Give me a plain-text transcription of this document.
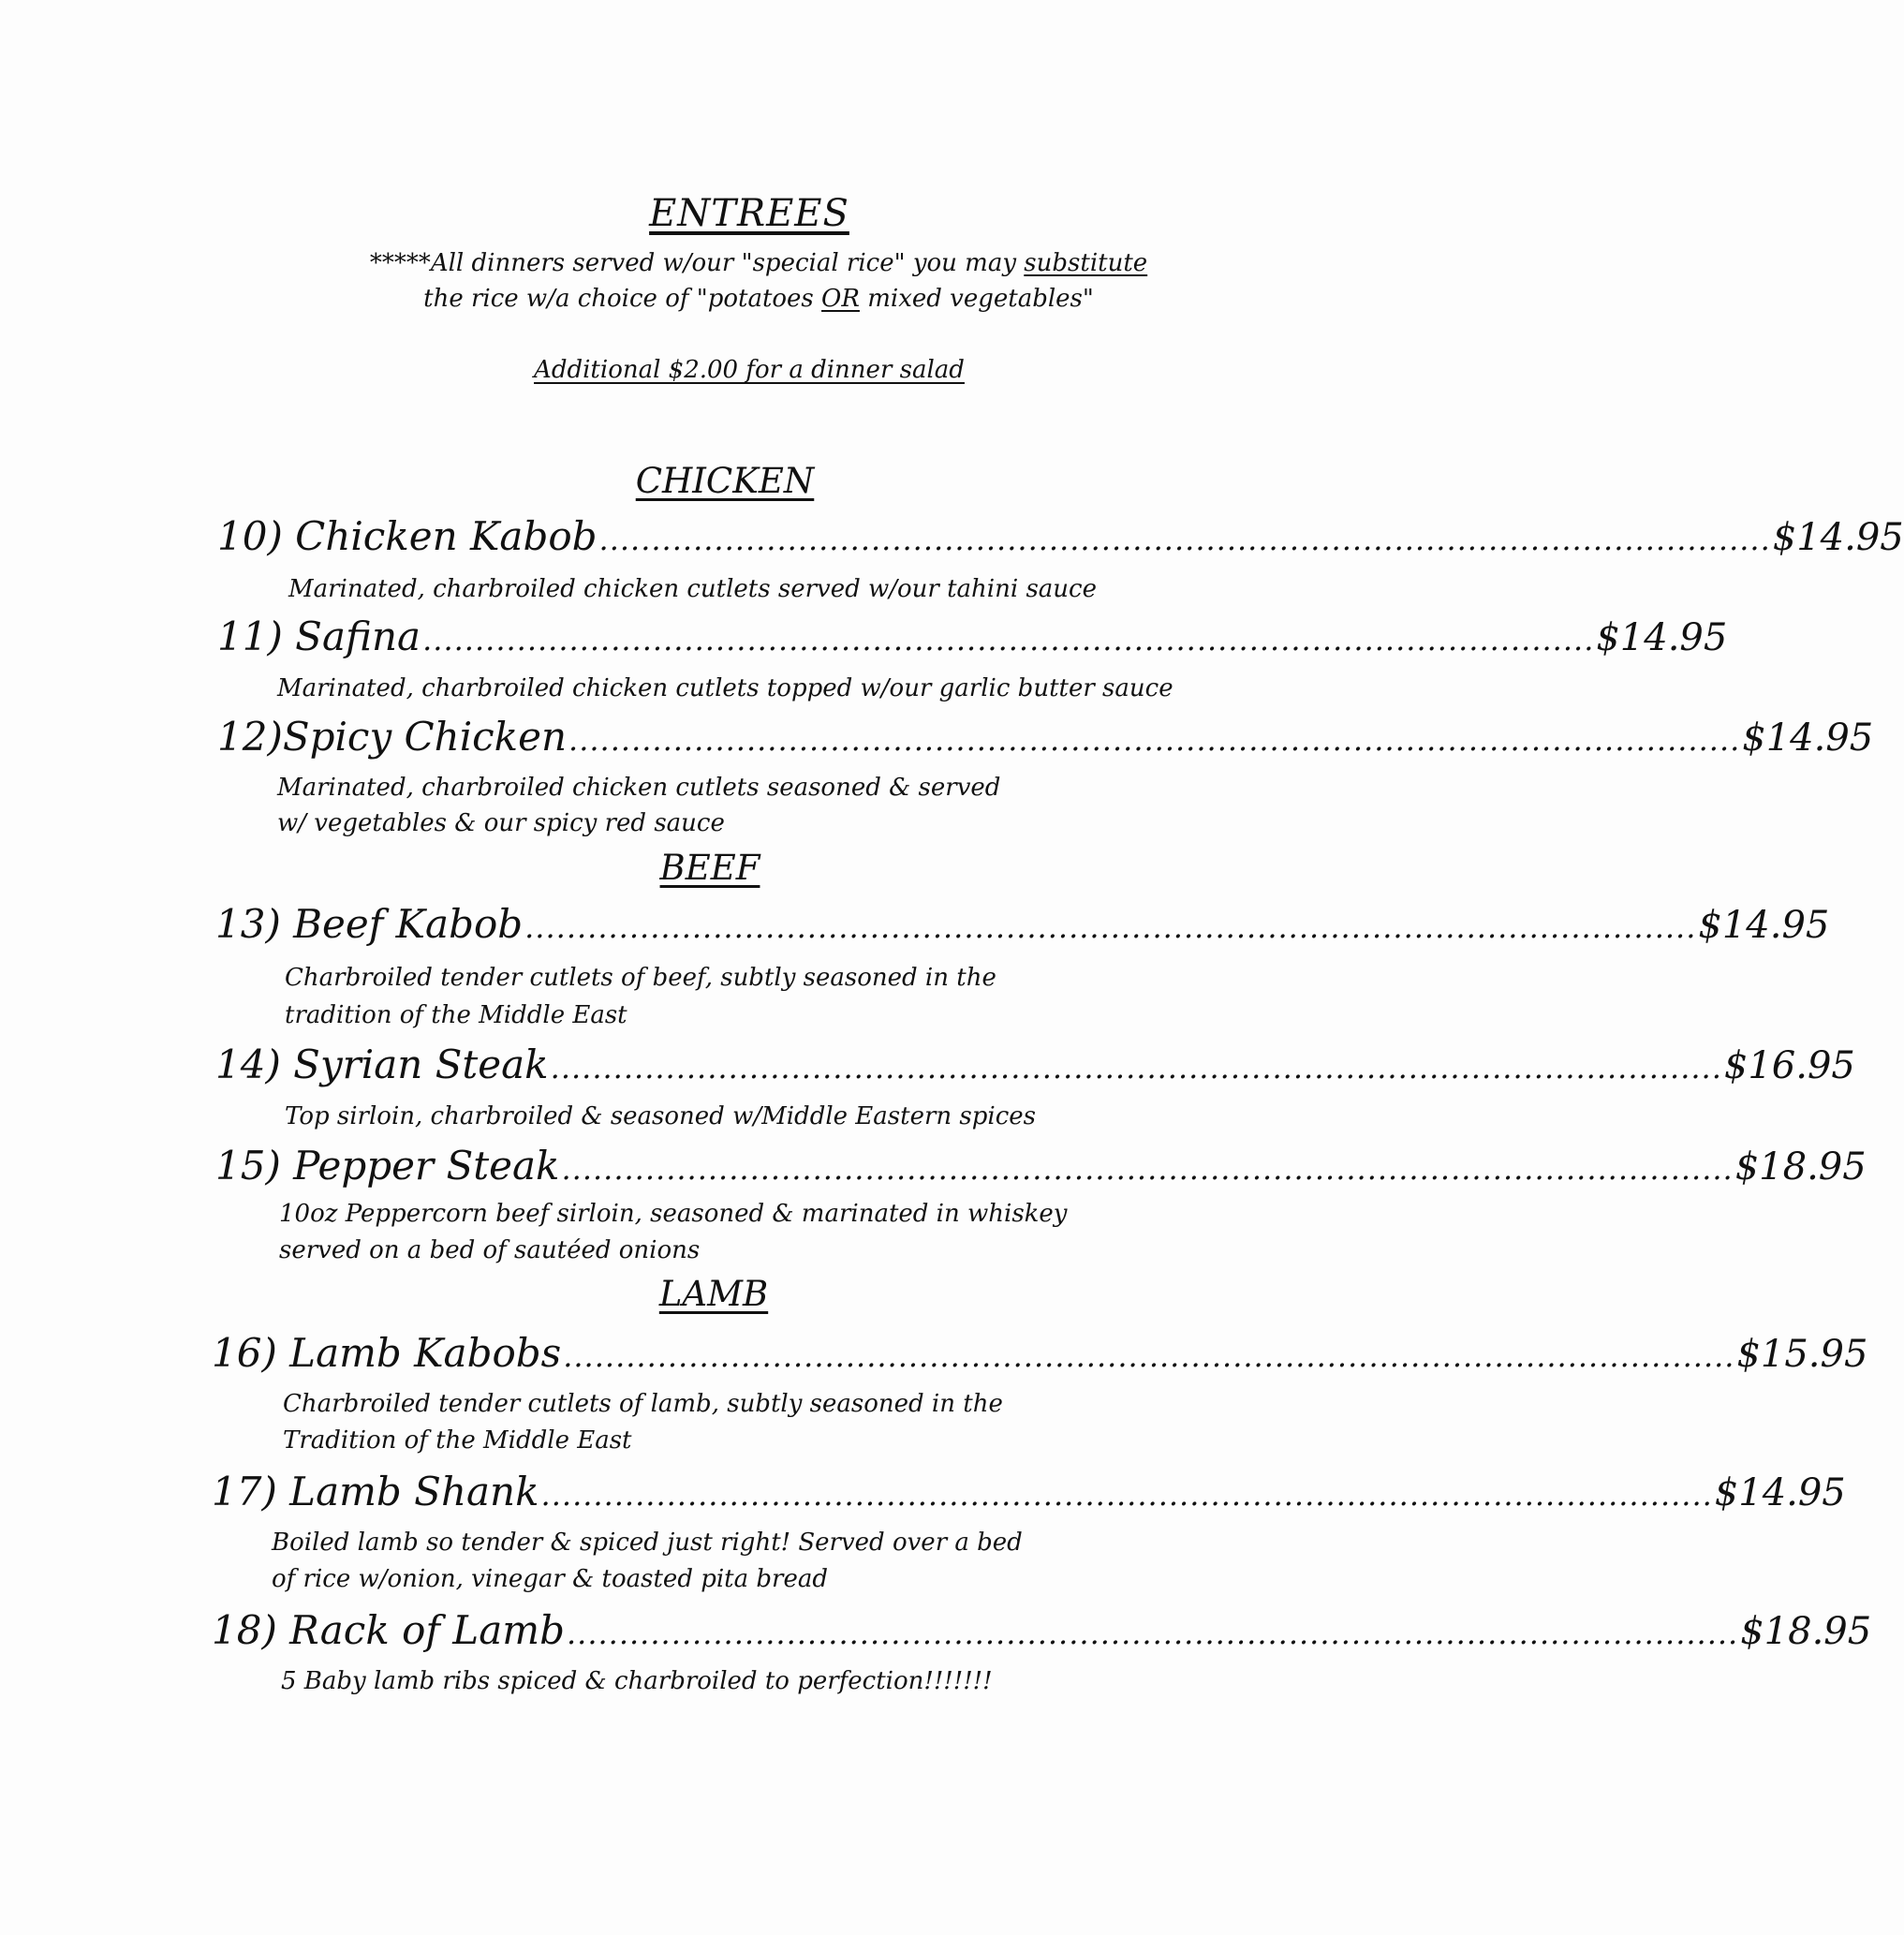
ENTREES
*****All dinners served w/our "special rice" you may substitute
the rice w/a choice of "potatoes OR mixed vegetables"
Additional $2.00 for a dinner salad
CHICKEN
10) Chicken Kabob ................................................................................................................ $14.95
Marinated, charbroiled chicken cutlets served w/our tahini sauce
11) Safina ................................................................................................................ $14.95
Marinated, charbroiled chicken cutlets topped w/our garlic butter sauce
12)Spicy Chicken ................................................................................................................ $14.95
Marinated, charbroiled chicken cutlets seasoned & served
w/ vegetables & our spicy red sauce
BEEF
13) Beef Kabob ................................................................................................................ $14.95
Charbroiled tender cutlets of beef, subtly seasoned in the
tradition of the Middle East
14) Syrian Steak ................................................................................................................ $16.95
Top sirloin, charbroiled & seasoned w/Middle Eastern spices
15) Pepper Steak ................................................................................................................ $18.95
10oz Peppercorn beef sirloin, seasoned & marinated in whiskey
served on a bed of sautéed onions
LAMB
16) Lamb Kabobs ................................................................................................................ $15.95
Charbroiled tender cutlets of lamb, subtly seasoned in the
Tradition of the Middle East
17) Lamb Shank ................................................................................................................ $14.95
Boiled lamb so tender & spiced just right! Served over a bed
of rice w/onion, vinegar & toasted pita bread
18) Rack of Lamb ................................................................................................................ $18.95
5 Baby lamb ribs spiced & charbroiled to perfection!!!!!!!
